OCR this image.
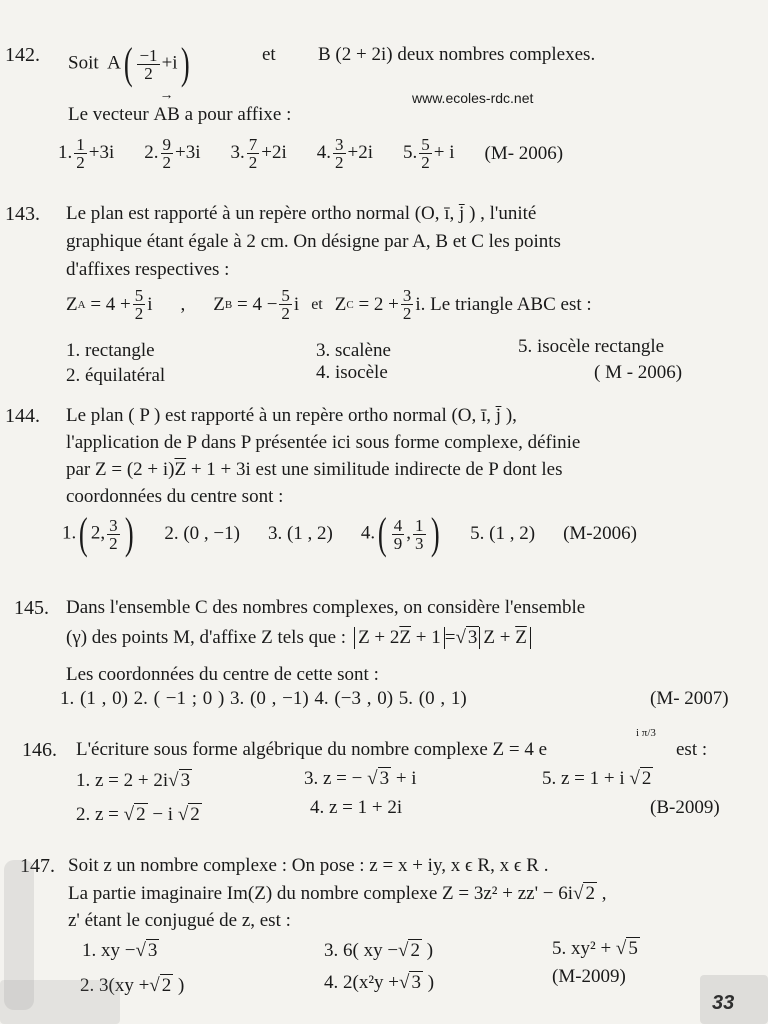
142. Soit $A( \frac{-1}{2} +i)$	et B (2 + 2i) deux nombres complexes.
Le vecteur
→
AB a pour affixe :
www.ecoles-rdc.net
1. $\frac{1}{2} +3i$ 2. $\frac{9}{2} +3i$ 3. $\frac{7}{2} +2i$ 4. $\frac{3}{2} +2i$ 5. $\frac{5}{2} + i$ (M- 2006)
143. Le plan est rapporté à un repère ortho normal (O, ī, j̄ ) , l'unité
graphique étant égale à 2 cm. On désigne par A, B et C les points
d'affixes respectives :
Z A
= $4 + \frac{5}{2}$ i , Z B
= $4 - \frac{5}{2}$ i et Z C
= $2 + \frac{3}{2} i$. Le triangle ABC est :
1. rectangle
2. équilatéral
3. scalène
4. isocèle
5. isocèle rectangle
( M - 2006)
144. Le plan ( P ) est rapporté à un repère ortho normal (O, ī, j̄ ),
l'application de P dans P présentée ici sous forme complexe, définie
par $Z = (2 + i)\overline{Z} + 1 + 3i$ est une similitude indirecte de P dont les
coordonnées du centre sont :
1.( 2, $\frac{3}{2}$ ) 2. (0 , −1) 3. (1 , 2) $4.( \frac{4}{9}$ , $\frac{1}{3}$ ) 5. (1 , 2) (M-2006)
145. Dans l'ensemble C des nombres complexes, on considère l'ensemble
(γ) des points M, d'affixe Z tels que : $Z + 2\overline{Z} + 1$ = √ 3 $Z + \overline{Z}$
Les coordonnées du centre de cette sont :
1. (1 , 0) 2. ( −1 ; 0 ) 3. (0 , −1) 4. (−3 , 0) 5. (0 , 1)	(M- 2007)
146. L'écriture sous forme algébrique du nombre complexe Z = 4 e
i π/3
est :
1. z = 2 + 2i√ 3	3. z = − √ 3 + i	5. z = 1 + i √ 2
2. z = √ 2 − i √ 2	4. z = 1 + 2i	(B-2009)
147. Soit z un nombre complexe : On pose : z = x + iy, x ϵ R, x ϵ R .
La partie imaginaire Im(Z) du nombre complexe Z = 3z² + zz' − 6i√ 2 ,
z' étant le conjugué de z, est :
1. xy −√ 3	3. 6( xy −√ 2 )	5. xy² + √ 5
2. 3(xy +√ 2 )	4. 2(x²y +√ 3 )	(M-2009)
33
